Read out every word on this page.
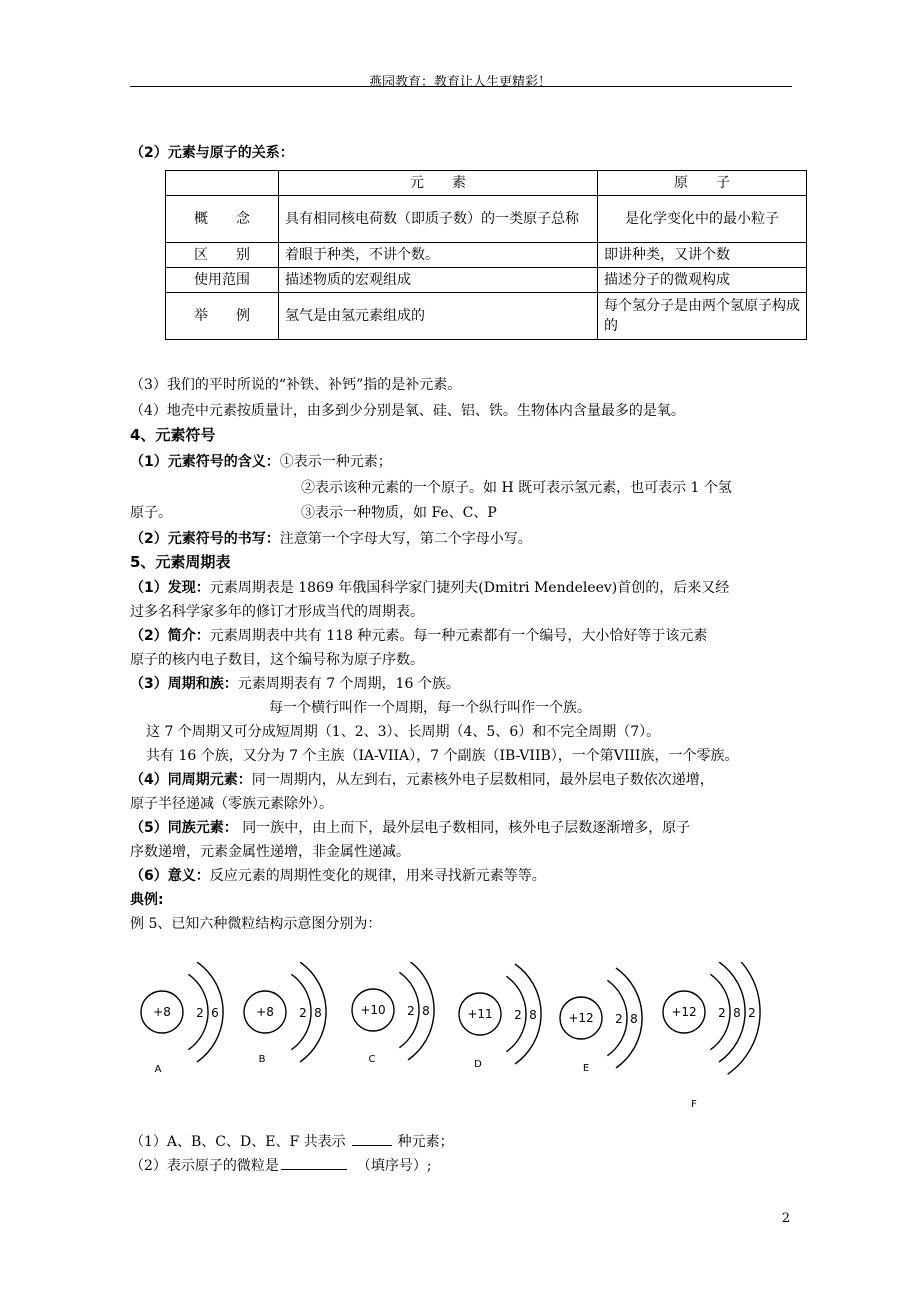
燕园教育：教育让人生更精彩！
（2）元素与原子的关系：
	元　　素	原　　子
概　　念	具有相同核电荷数（即质子数）的一类原子总称	是化学变化中的最小粒子
区　　别	着眼于种类，不讲个数。	即讲种类，又讲个数
使用范围	描述物质的宏观组成	描述分子的微观构成
举　　例	氢气是由氢元素组成的	每个氢分子是由两个氢原子构成的
（3）我们的平时所说的“补铁、补钙”指的是补元素。
（4）地壳中元素按质量计，由多到少分别是氧、硅、铝、铁。生物体内含量最多的是氧。
4、元素符号
（1）元素符号的含义：①表示一种元素；
②表示该种元素的一个原子。如 H 既可表示氢元素，也可表示 1 个氢
原子。	③表示一种物质，如 Fe、C、P
（2）元素符号的书写：注意第一个字母大写，第二个字母小写。
5、元素周期表
（1）发现：元素周期表是 1869 年俄国科学家门捷列夫(Dmitri Mendeleev)首创的，后来又经
过多名科学家多年的修订才形成当代的周期表。
（2）简介：元素周期表中共有 118 种元素。每一种元素都有一个编号，大小恰好等于该元素
原子的核内电子数目，这个编号称为原子序数。
（3）周期和族：元素周期表有 7 个周期，16 个族。
每一个横行叫作一个周期，每一个纵行叫作一个族。
这 7 个周期又可分成短周期（1、2、3）、长周期（4、5、6）和不完全周期（7）。
共有 16 个族，又分为 7 个主族（IA-VIIA），7 个副族（IB-VIIB），一个第VIII族，一个零族。
（4）同周期元素：同一周期内，从左到右，元素核外电子层数相同，最外层电子数依次递增，
原子半径递减（零族元素除外）。
（5）同族元素： 同一族中，由上而下，最外层电子数相同，核外电子层数逐渐增多，原子
序数递增，元素金属性递增，非金属性递减。
（6）意义：反应元素的周期性变化的规律，用来寻找新元素等等。
典例:
例 5、已知六种微粒结构示意图分别为：
+8 2 6
A
+8 2 8
B
+10 2 8
C
+11 2 8
D
+12 2 8
E
+12 2 8 2
F
（1）A、B、C、D、E、F 共表示	种元素；
（2）表示原子的微粒是	（填序号）;
2
